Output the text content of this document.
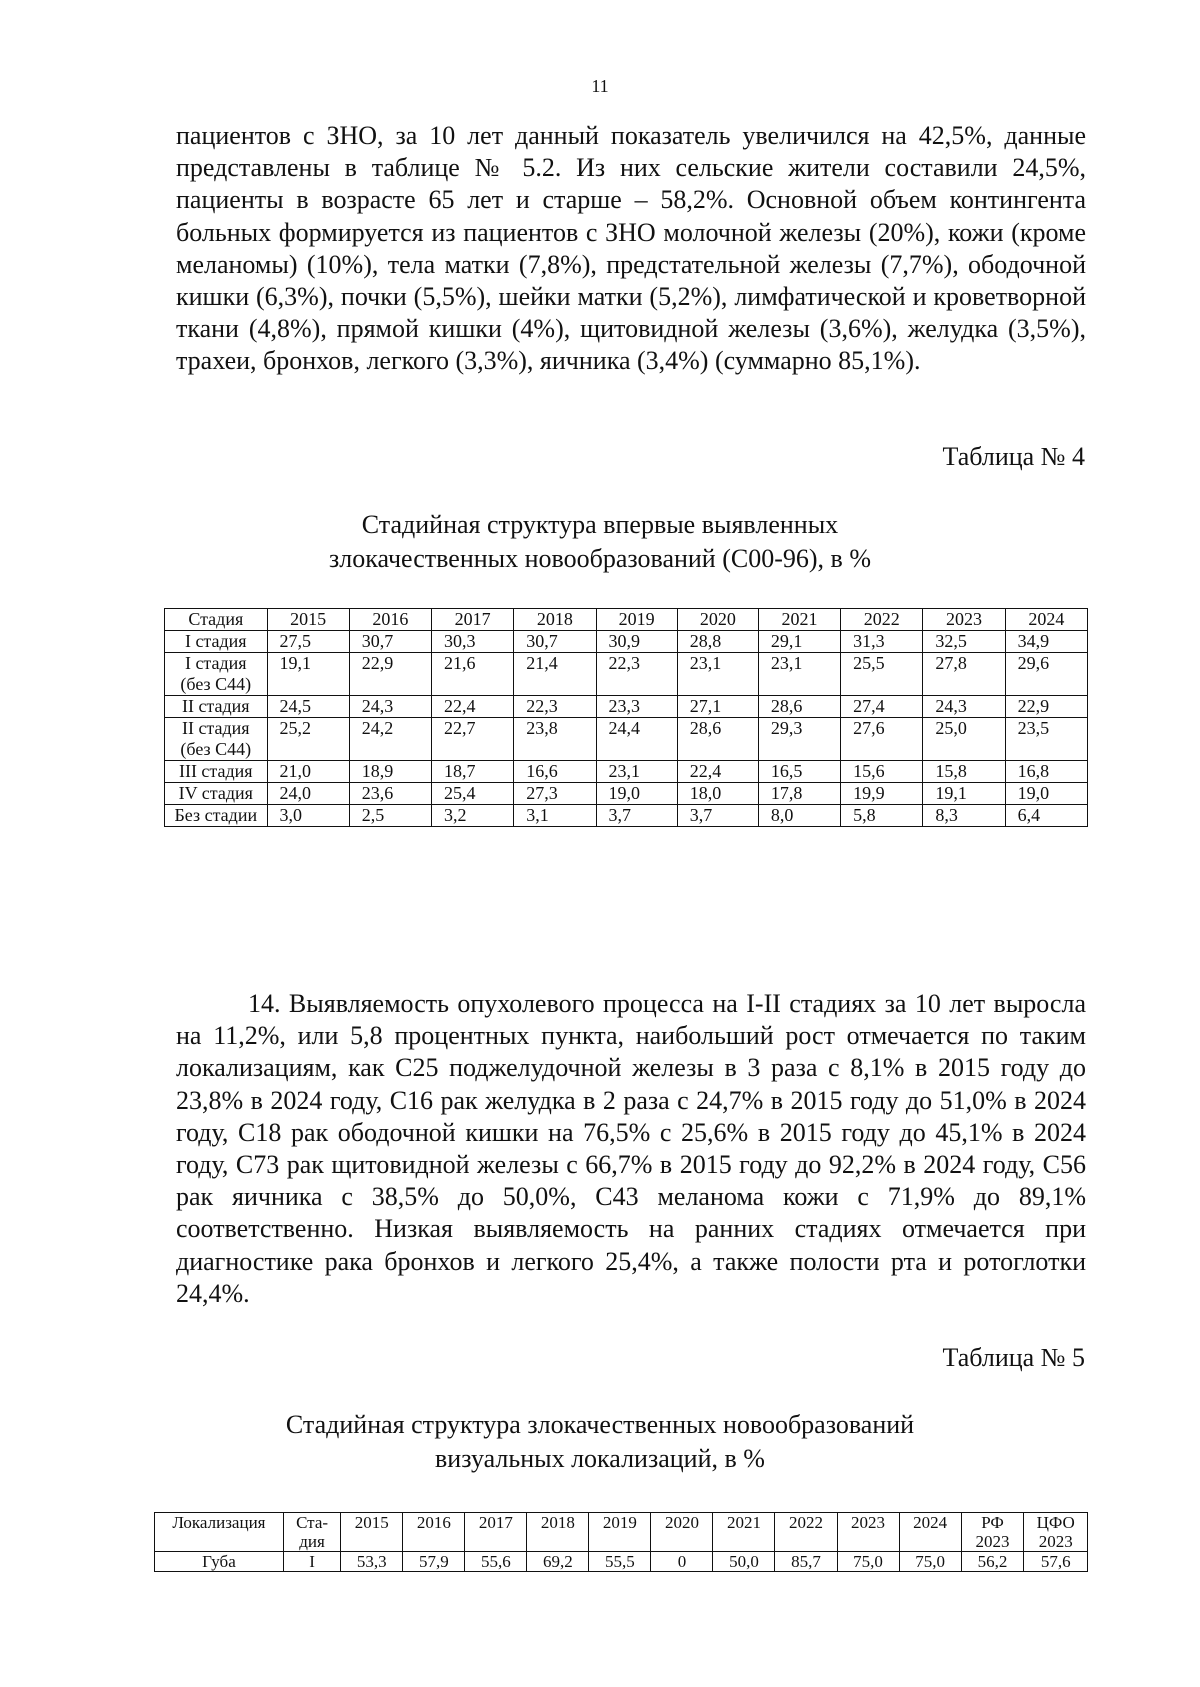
11

пациентов с ЗНО, за 10 лет данный показатель увеличился на 42,5%, данные представлены в таблице № 5.2. Из них сельские жители составили 24,5%, пациенты в возрасте 65 лет и старше – 58,2%. Основной объем контингента больных формируется из пациентов с ЗНО молочной железы (20%), кожи (кроме меланомы) (10%), тела матки (7,8%), предстательной железы (7,7%), ободочной кишки (6,3%), почки (5,5%), шейки матки (5,2%), лимфатической и кроветворной ткани (4,8%), прямой кишки (4%), щитовидной железы (3,6%), желудка (3,5%), трахеи, бронхов, легкого (3,3%), яичника (3,4%) (суммарно 85,1%).

Таблица № 4
Стадийная структура впервые выявленных
злокачественных новообразований (С00-96), в %
Стадия	2015	2016	2017	2018	2019	2020	2021	2022	2023	2024
I стадия	27,5	30,7	30,3	30,7	30,9	28,8	29,1	31,3	32,5	34,9
I стадия (без С44)	19,1	22,9	21,6	21,4	22,3	23,1	23,1	25,5	27,8	29,6
II стадия	24,5	24,3	22,4	22,3	23,3	27,1	28,6	27,4	24,3	22,9
II стадия (без С44)	25,2	24,2	22,7	23,8	24,4	28,6	29,3	27,6	25,0	23,5
III стадия	21,0	18,9	18,7	16,6	23,1	22,4	16,5	15,6	15,8	16,8
IV стадия	24,0	23,6	25,4	27,3	19,0	18,0	17,8	19,9	19,1	19,0
Без стадии	3,0	2,5	3,2	3,1	3,7	3,7	8,0	5,8	8,3	6,4

14. Выявляемость опухолевого процесса на I-II стадиях за 10 лет выросла на 11,2%, или 5,8 процентных пункта, наибольший рост отмечается по таким локализациям, как С25 поджелудочной железы в 3 раза с 8,1% в 2015 году до 23,8% в 2024 году, С16 рак желудка в 2 раза с 24,7% в 2015 году до 51,0% в 2024 году, С18 рак ободочной кишки на 76,5% с 25,6% в 2015 году до 45,1% в 2024 году, С73 рак щитовидной железы с 66,7% в 2015 году до 92,2% в 2024 году, С56 рак яичника с 38,5% до 50,0%, С43 меланома кожи с 71,9% до 89,1% соответственно. Низкая выявляемость на ранних стадиях отмечается при диагностике рака бронхов и легкого 25,4%, а также полости рта и ротоглотки 24,4%.

Таблица № 5
Стадийная структура злокачественных новообразований
визуальных локализаций, в %
Локализация	Ста-дия	2015	2016	2017	2018	2019	2020	2021	2022	2023	2024	РФ 2023	ЦФО 2023
Губа	I	53,3	57,9	55,6	69,2	55,5	0	50,0	85,7	75,0	75,0	56,2	57,6
